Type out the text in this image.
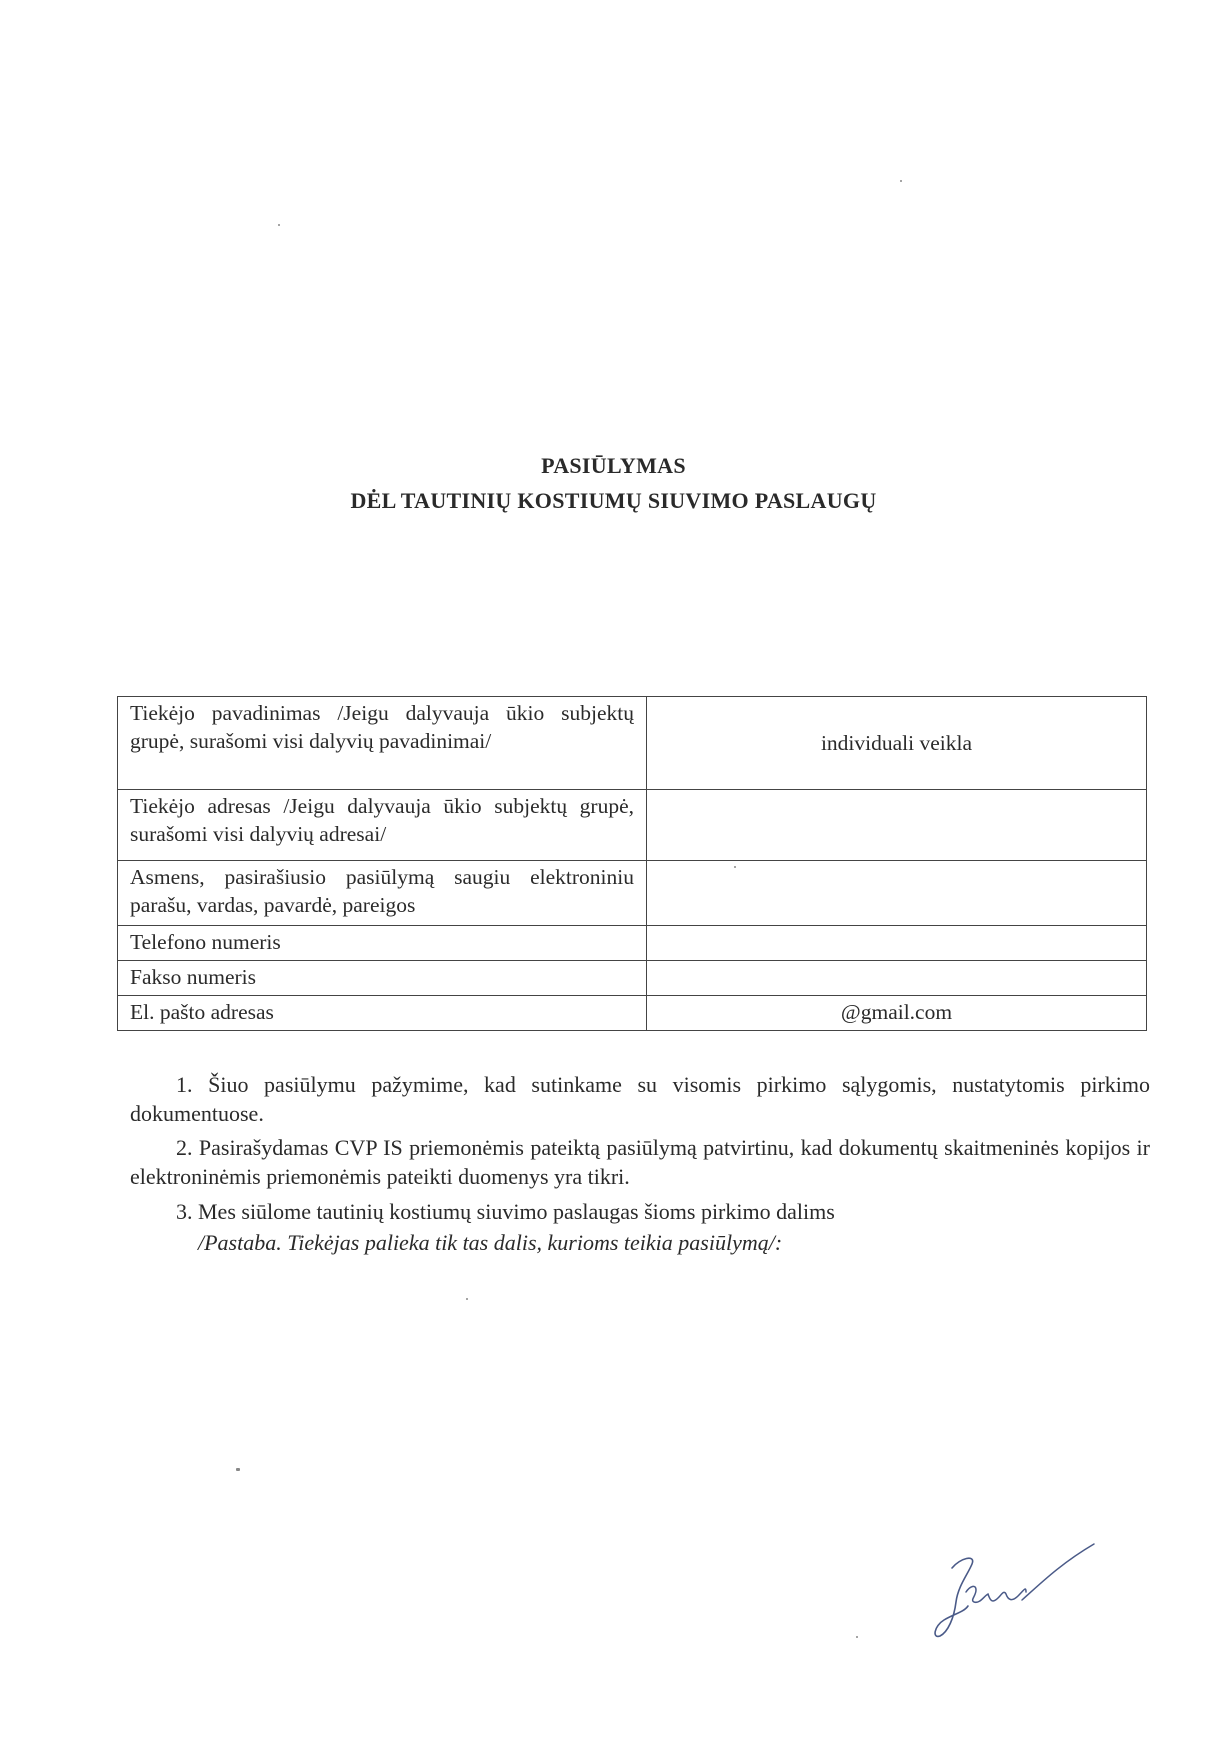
PASIŪLYMAS
DĖL TAUTINIŲ KOSTIUMŲ SIUVIMO PASLAUGŲ
Tiekėjo pavadinimas /Jeigu dalyvauja ūkio subjektų grupė, surašomi visi dalyvių pavadinimai/	individuali veikla
Tiekėjo adresas /Jeigu dalyvauja ūkio subjektų grupė, surašomi visi dalyvių adresai/	
Asmens, pasirašiusio pasiūlymą saugiu elektroniniu parašu, vardas, pavardė, pareigos	
Telefono numeris	
Fakso numeris	
El. pašto adresas	@gmail.com
1. Šiuo pasiūlymu pažymime, kad sutinkame su visomis pirkimo sąlygomis, nustatytomis pirkimo dokumentuose.
2. Pasirašydamas CVP IS priemonėmis pateiktą pasiūlymą patvirtinu, kad dokumentų skaitmeninės kopijos ir elektroninėmis priemonėmis pateikti duomenys yra tikri.
3. Mes siūlome tautinių kostiumų siuvimo paslaugas šioms pirkimo dalims
/Pastaba. Tiekėjas palieka tik tas dalis, kurioms teikia pasiūlymą/:
